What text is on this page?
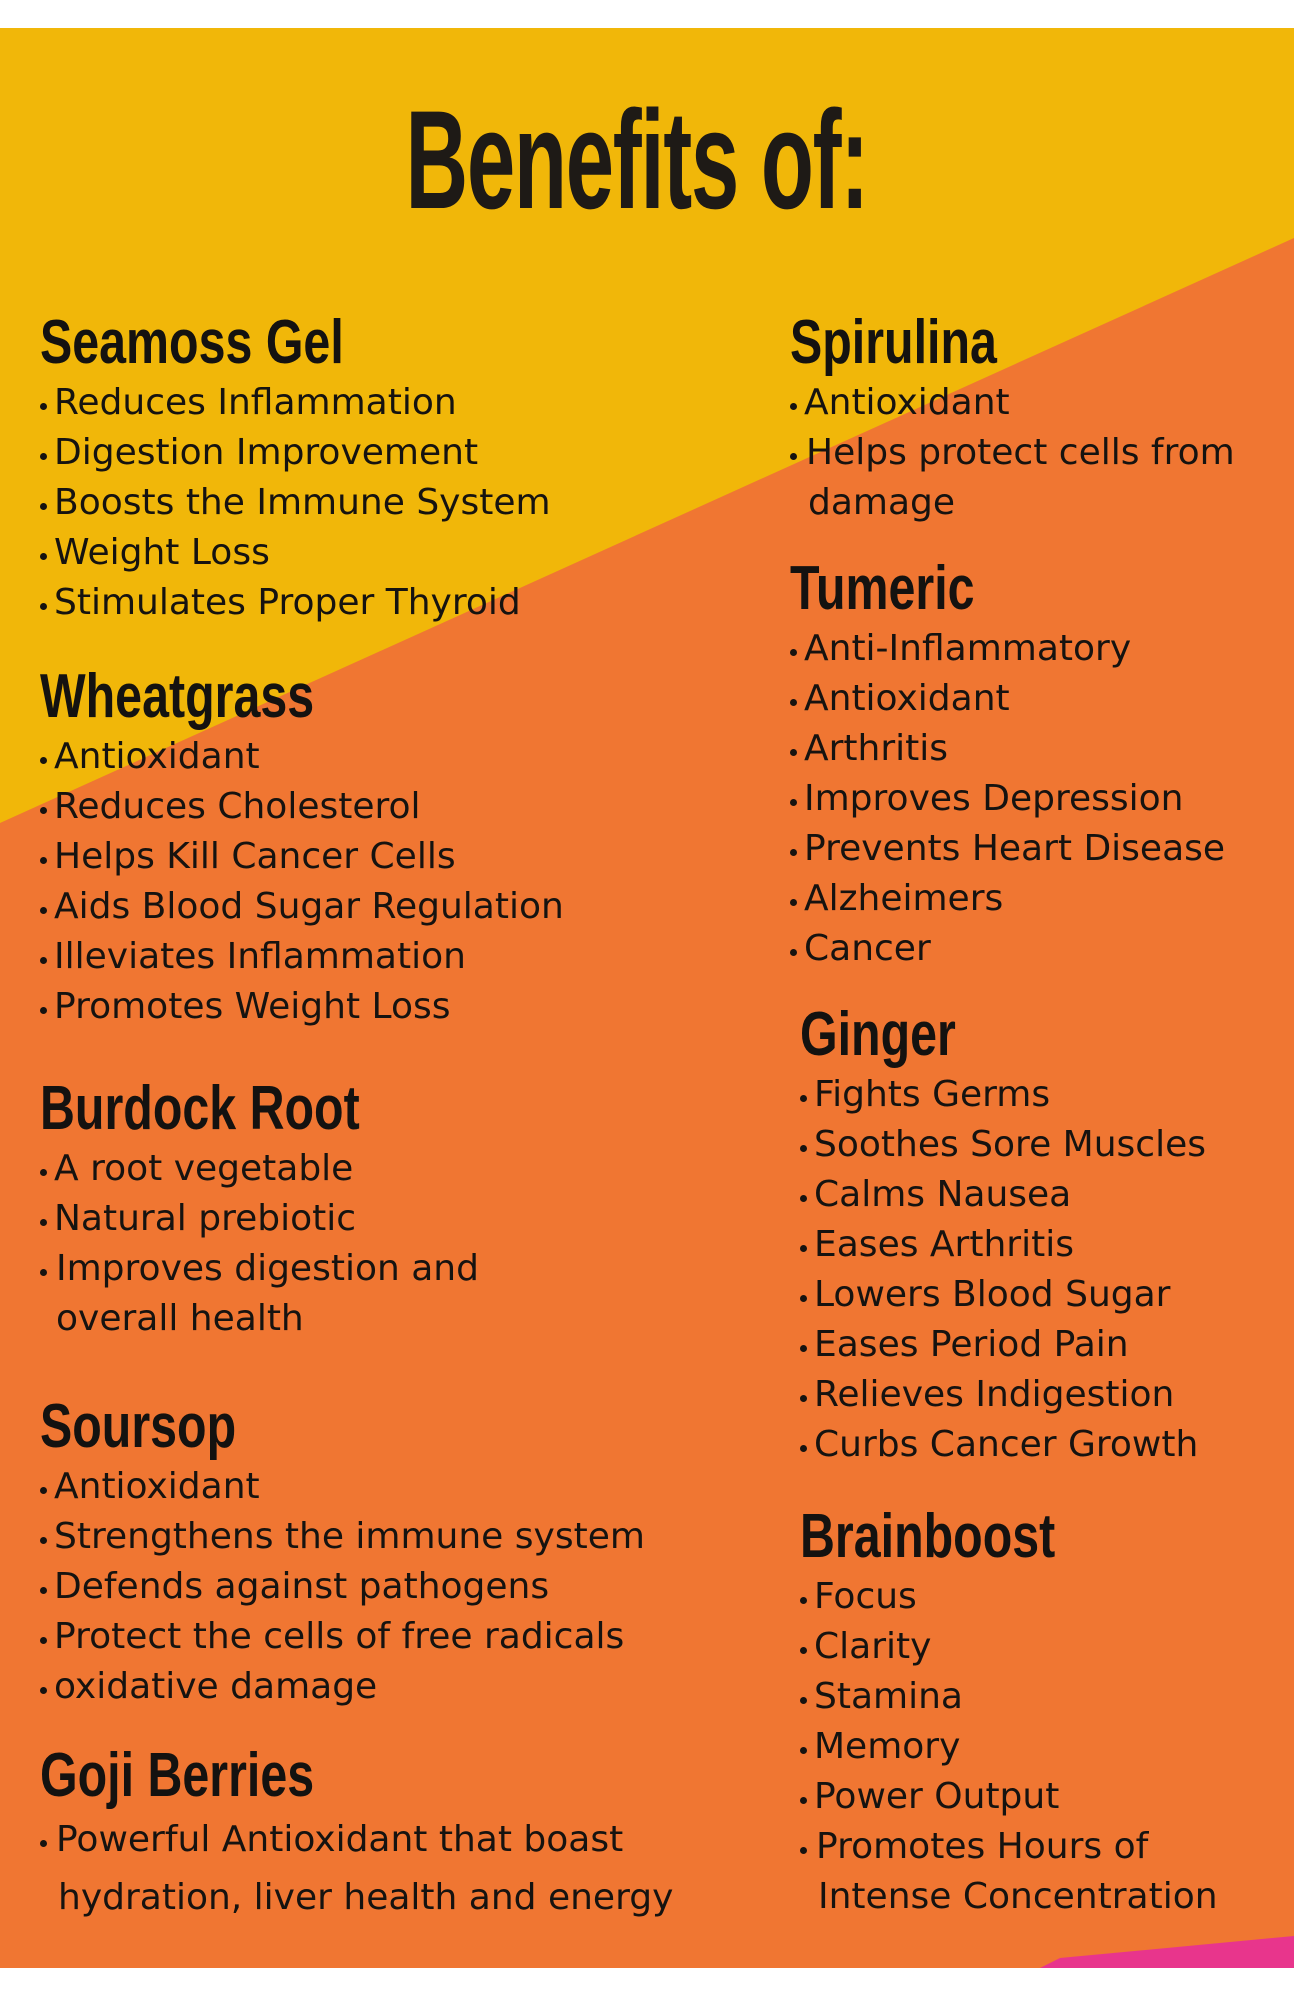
Benefits of:
Seamoss Gel
Reduces Inflammation
Digestion Improvement
Boosts the Immune System
Weight Loss
Stimulates Proper Thyroid
Wheatgrass
Antioxidant
Reduces Cholesterol
Helps Kill Cancer Cells
Aids Blood Sugar Regulation
Illeviates Inflammation
Promotes Weight Loss
Burdock Root
A root vegetable
Natural prebiotic
Improves digestion and
overall health
Soursop
Antioxidant
Strengthens the immune system
Defends against pathogens
Protect the cells of free radicals
oxidative damage
Goji Berries
Powerful Antioxidant that boast
hydration, liver health and energy
Spirulina
Antioxidant
Helps protect cells from
damage
Tumeric
Anti-Inflammatory
Antioxidant
Arthritis
Improves Depression
Prevents Heart Disease
Alzheimers
Cancer
Ginger
Fights Germs
Soothes Sore Muscles
Calms Nausea
Eases Arthritis
Lowers Blood Sugar
Eases Period Pain
Relieves Indigestion
Curbs Cancer Growth
Brainboost
Focus
Clarity
Stamina
Memory
Power Output
Promotes Hours of
Intense Concentration
